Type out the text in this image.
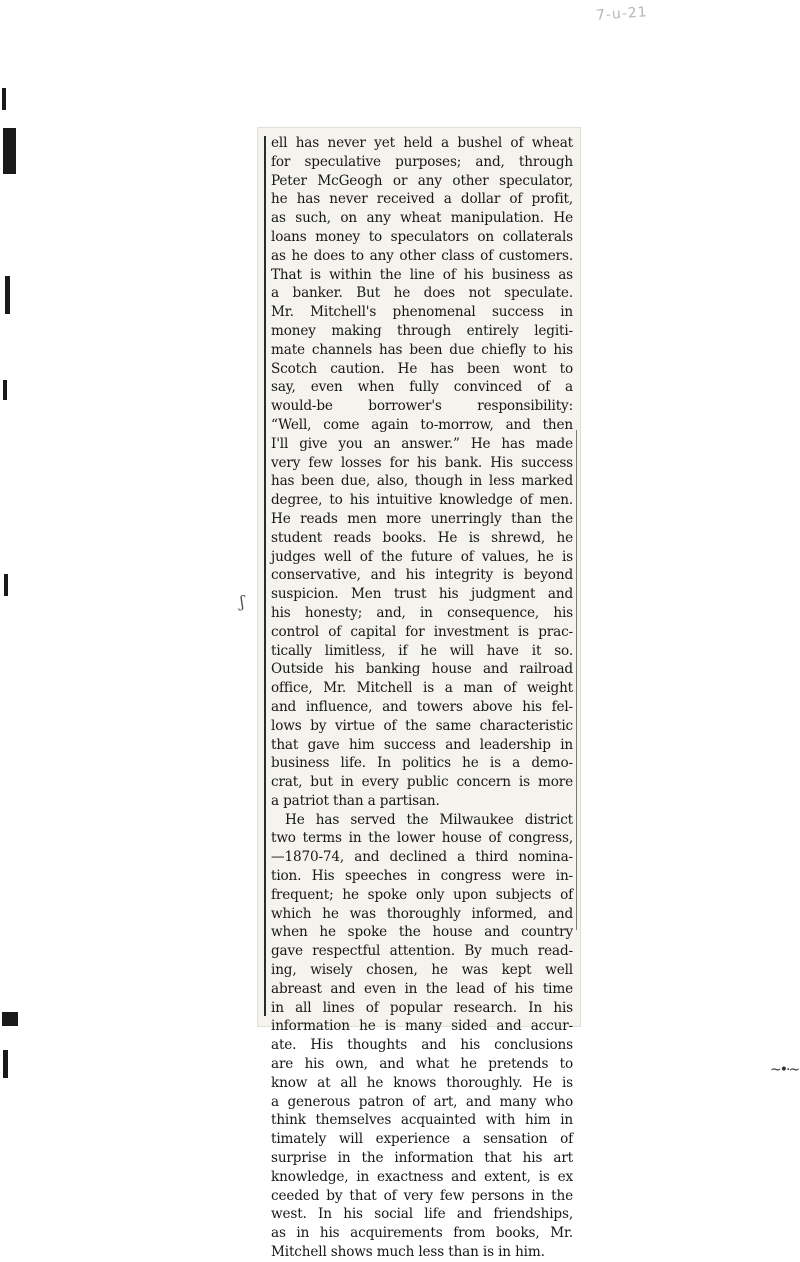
7-u-21
ʃ
~•·~
ell has never yet held a bushel of wheat
for speculative purposes; and, through
Peter McGeogh or any other speculator,
he has never received a dollar of profit,
as such, on any wheat manipulation. He
loans money to speculators on collaterals
as he does to any other class of customers.
That is within the line of his business as
a banker. But he does not speculate.
Mr. Mitchell's phenomenal success in
money making through entirely legiti-
mate channels has been due chiefly to his
Scotch caution. He has been wont to
say, even when fully convinced of a
would-be borrower's responsibility:
“Well, come again to-morrow, and then
I'll give you an answer.” He has made
very few losses for his bank. His success
has been due, also, though in less marked
degree, to his intuitive knowledge of men.
He reads men more unerringly than the
student reads books. He is shrewd, he
judges well of the future of values, he is
conservative, and his integrity is beyond
suspicion. Men trust his judgment and
his honesty; and, in consequence, his
control of capital for investment is prac-
tically limitless, if he will have it so.
Outside his banking house and railroad
office, Mr. Mitchell is a man of weight
and influence, and towers above his fel-
lows by virtue of the same characteristic
that gave him success and leadership in
business life. In politics he is a demo-
crat, but in every public concern is more
a patriot than a partisan.
He has served the Milwaukee district
two terms in the lower house of congress,
—1870-74, and declined a third nomina-
tion. His speeches in congress were in-
frequent; he spoke only upon subjects of
which he was thoroughly informed, and
when he spoke the house and country
gave respectful attention. By much read-
ing, wisely chosen, he was kept well
abreast and even in the lead of his time
in all lines of popular research. In his
information he is many sided and accur-
ate. His thoughts and his conclusions
are his own, and what he pretends to
know at all he knows thoroughly. He is
a generous patron of art, and many who
think themselves acquainted with him in
timately will experience a sensation of
surprise in the information that his art
knowledge, in exactness and extent, is ex
ceeded by that of very few persons in the
west. In his social life and friendships,
as in his acquirements from books, Mr.
Mitchell shows much less than is in him.
